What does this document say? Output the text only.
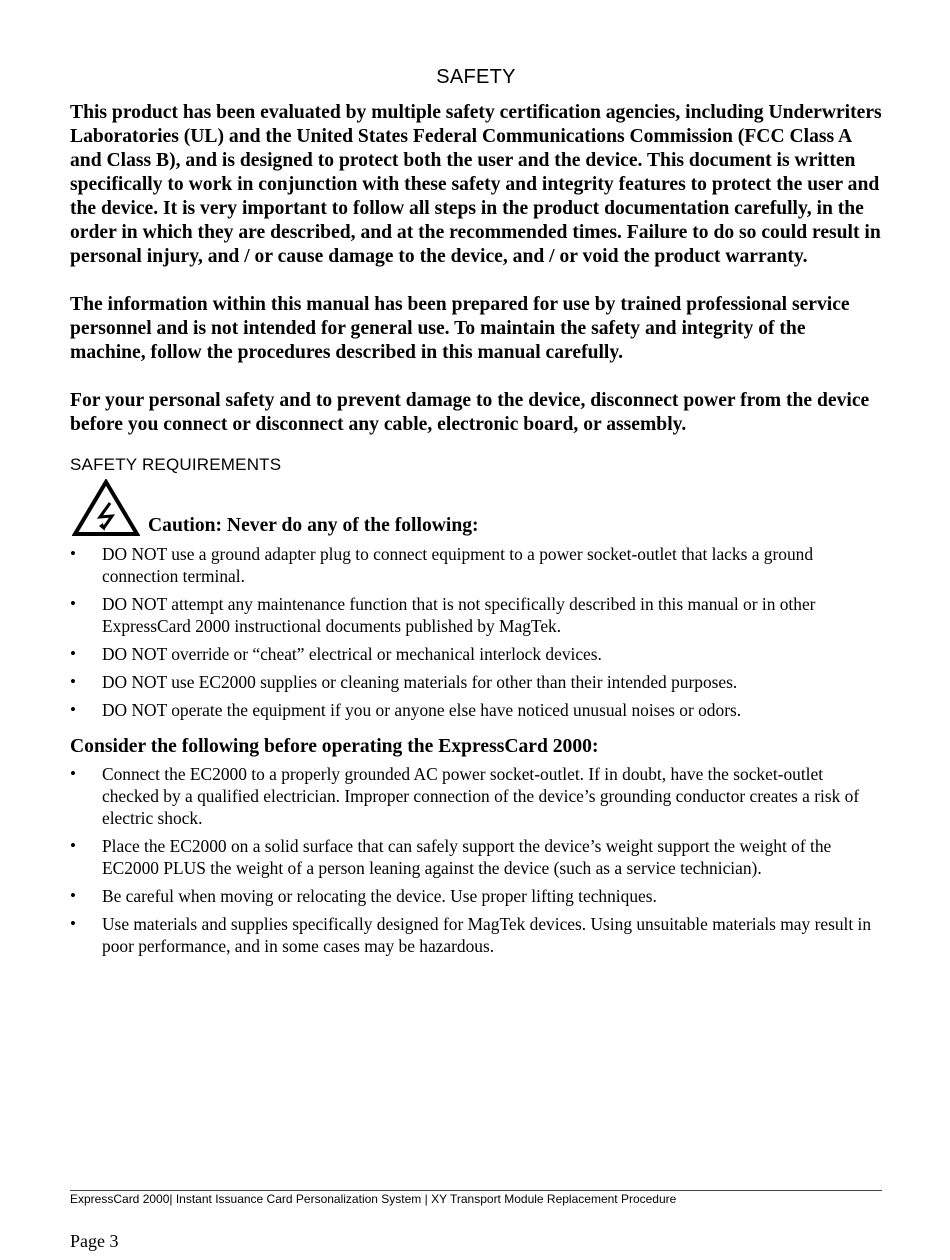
SAFETY

This product has been evaluated by multiple safety certification agencies, including Underwriters Laboratories (UL) and the United States Federal Communications Commission (FCC Class A and Class B), and is designed to protect both the user and the device. This document is written specifically to work in conjunction with these safety and integrity features to protect the user and the device. It is very important to follow all steps in the product documentation carefully, in the order in which they are described, and at the recommended times. Failure to do so could result in personal injury, and / or cause damage to the device, and / or void the product warranty.

The information within this manual has been prepared for use by trained professional service personnel and is not intended for general use. To maintain the safety and integrity of the machine, follow the procedures described in this manual carefully.

For your personal safety and to prevent damage to the device, disconnect power from the device before you connect or disconnect any cable, electronic board, or assembly.

SAFETY REQUIREMENTS
Caution: Never do any of the following:
• DO NOT use a ground adapter plug to connect equipment to a power socket-outlet that lacks a ground connection terminal.
• DO NOT attempt any maintenance function that is not specifically described in this manual or in other ExpressCard 2000 instructional documents published by MagTek.
• DO NOT override or “cheat” electrical or mechanical interlock devices.
• DO NOT use EC2000 supplies or cleaning materials for other than their intended purposes.
• DO NOT operate the equipment if you or anyone else have noticed unusual noises or odors.
Consider the following before operating the ExpressCard 2000:
• Connect the EC2000 to a properly grounded AC power socket-outlet. If in doubt, have the socket-outlet checked by a qualified electrician. Improper connection of the device’s grounding conductor creates a risk of electric shock.
• Place the EC2000 on a solid surface that can safely support the device’s weight support the weight of the EC2000 PLUS the weight of a person leaning against the device (such as a service technician).
• Be careful when moving or relocating the device. Use proper lifting techniques.
• Use materials and supplies specifically designed for MagTek devices. Using unsuitable materials may result in poor performance, and in some cases may be hazardous.
ExpressCard 2000| Instant Issuance Card Personalization System | XY Transport Module Replacement Procedure
Page 3
